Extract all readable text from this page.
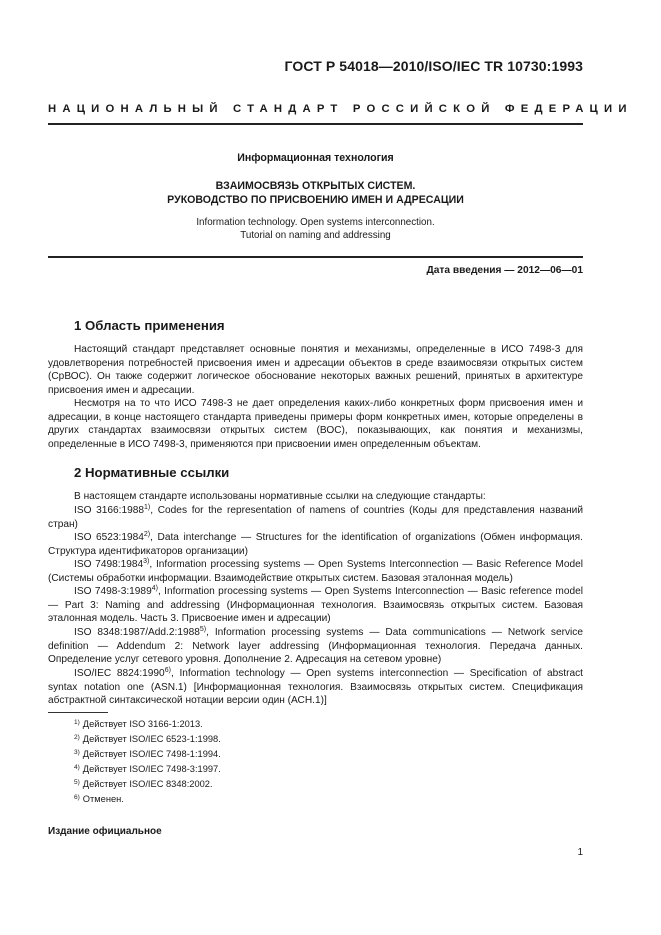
ГОСТ Р 54018—2010/ISO/IEC TR 10730:1993
НАЦИОНАЛЬНЫЙ СТАНДАРТ РОССИЙСКОЙ ФЕДЕРАЦИИ
Информационная технология
ВЗАИМОСВЯЗЬ ОТКРЫТЫХ СИСТЕМ.
РУКОВОДСТВО ПО ПРИСВОЕНИЮ ИМЕН И АДРЕСАЦИИ
Information technology. Open systems interconnection.
Tutorial on naming and addressing
Дата введения — 2012—06—01
1 Область применения
Настоящий стандарт представляет основные понятия и механизмы, определенные в ИСО 7498-3 для удовлетворения потребностей присвоения имен и адресации объектов в среде взаимосвязи открытых систем (СрВОС). Он также содержит логическое обоснование некоторых важных решений, принятых в архитектуре присвоения имен и адресации.
Несмотря на то что ИСО 7498-3 не дает определения каких-либо конкретных форм присвоения имен и адресации, в конце настоящего стандарта приведены примеры форм конкретных имен, которые определены в других стандартах взаимосвязи открытых систем (ВОС), показывающих, как понятия и механизмы, определенные в ИСО 7498-3, применяются при присвоении имен определенным объектам.
2 Нормативные ссылки
В настоящем стандарте использованы нормативные ссылки на следующие стандарты:
ISO 3166:1988$^{1)}$, Codes for the representation of namens of countries (Коды для представления названий стран)
ISO 6523:1984$^{2)}$, Data interchange — Structures for the identification of organizations (Обмен информация. Структура идентификаторов организации)
ISO 7498:1984$^{3)}$, Information processing systems — Open Systems Interconnection — Basic Reference Model (Системы обработки информации. Взаимодействие открытых систем. Базовая эталонная модель)
ISO 7498-3:1989$^{4)}$, Information processing systems — Open Systems Interconnection — Basic reference model — Part 3: Naming and addressing (Информационная технология. Взаимосвязь открытых систем. Базовая эталонная модель. Часть 3. Присвоение имен и адресации)
ISO 8348:1987/Add.2:1988$^{5)}$, Information processing systems — Data communications — Network service definition — Addendum 2: Network layer addressing (Информационная технология. Передача данных. Определение услуг сетевого уровня. Дополнение 2. Адресация на сетевом уровне)
ISO/IEC 8824:1990$^{6)}$, Information technology — Open systems interconnection — Specification of abstract syntax notation one (ASN.1) [Информационная технология. Взаимосвязь открытых систем. Спецификация абстрактной синтаксической нотации версии один (АСН.1)]
$^{1)}$ Действует ISO 3166-1:2013.
$^{2)}$ Действует ISO/IEC 6523-1:1998.
$^{3)}$ Действует ISO/IEC 7498-1:1994.
$^{4)}$ Действует ISO/IEC 7498-3:1997.
$^{5)}$ Действует ISO/IEC 8348:2002.
$^{6)}$ Отменен.
Издание официальное
1
